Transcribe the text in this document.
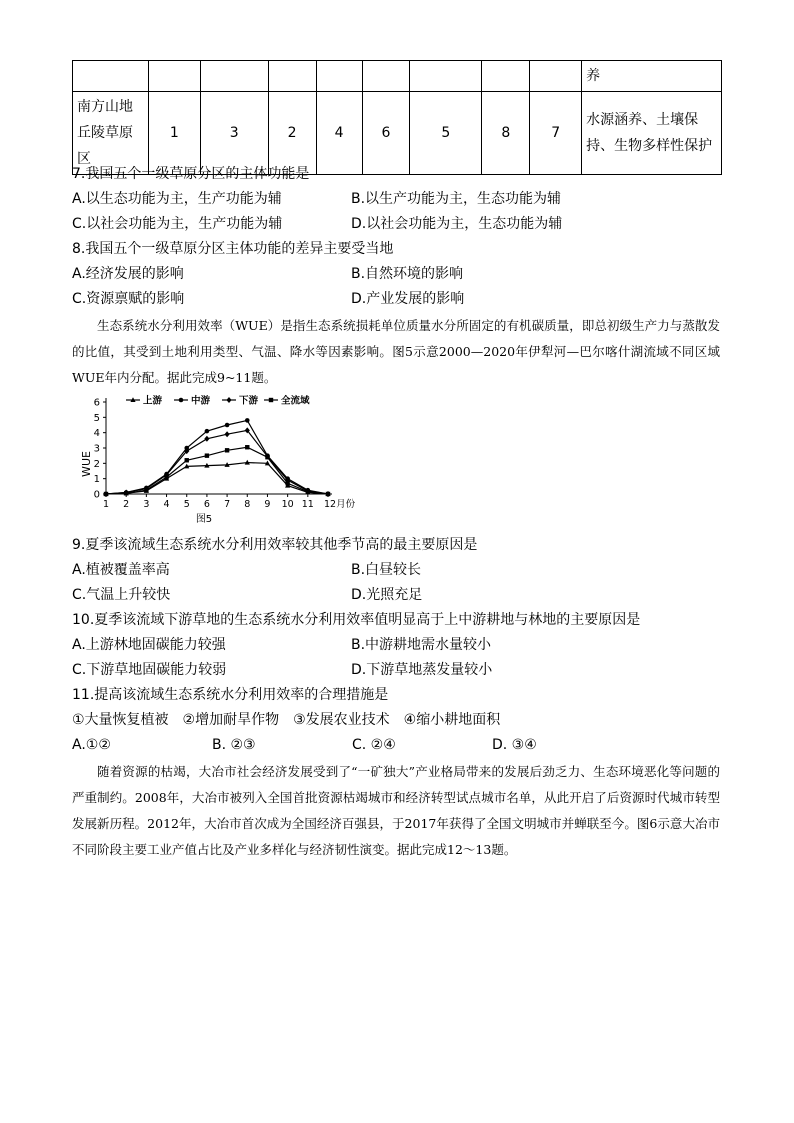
									养
南方山地丘陵草原区	1	3	2	4	6	5	8	7	水源涵养、土壤保持、生物多样性保护
7.我国五个一级草原分区的主体功能是
A.以生态功能为主，生产功能为辅	B.以生产功能为主，生态功能为辅
C.以社会功能为主，生产功能为辅	D.以社会功能为主，生态功能为辅
8.我国五个一级草原分区主体功能的差异主要受当地
A.经济发展的影响	B.自然环境的影响
C.资源禀赋的影响	D.产业发展的影响
生态系统水分利用效率（WUE）是指生态系统损耗单位质量水分所固定的有机碳质量，即总初级生产力与蒸散发的比值，其受到土地利用类型、气温、降水等因素影响。图5示意2000—2020年伊犁河—巴尔喀什湖流域不同区域WUE年内分配。据此完成9~11题。
0
1
2
3
4
5
6
1 2 3 4 5 6 7 8 9 10 11 12月份
上游	中游	下游 全流域
WUE
图5
9.夏季该流域生态系统水分利用效率较其他季节高的最主要原因是
A.植被覆盖率高	B.白昼较长
C.气温上升较快	D.光照充足
10.夏季该流域下游草地的生态系统水分利用效率值明显高于上中游耕地与林地的主要原因是
A.上游林地固碳能力较强	B.中游耕地需水量较小
C.下游草地固碳能力较弱	D.下游草地蒸发量较小
11.提高该流域生态系统水分利用效率的合理措施是
①大量恢复植被　②增加耐旱作物　③发展农业技术　④缩小耕地面积
A.①②	B. ②③	C. ②④	D. ③④
随着资源的枯竭，大冶市社会经济发展受到了“一矿独大”产业格局带来的发展后劲乏力、生态环境恶化等问题的严重制约。2008年，大冶市被列入全国首批资源枯竭城市和经济转型试点城市名单，从此开启了后资源时代城市转型发展新历程。2012年，大冶市首次成为全国经济百强县，于2017年获得了全国文明城市并蝉联至今。图6示意大冶市不同阶段主要工业产值占比及产业多样化与经济韧性演变。据此完成12～13题。
